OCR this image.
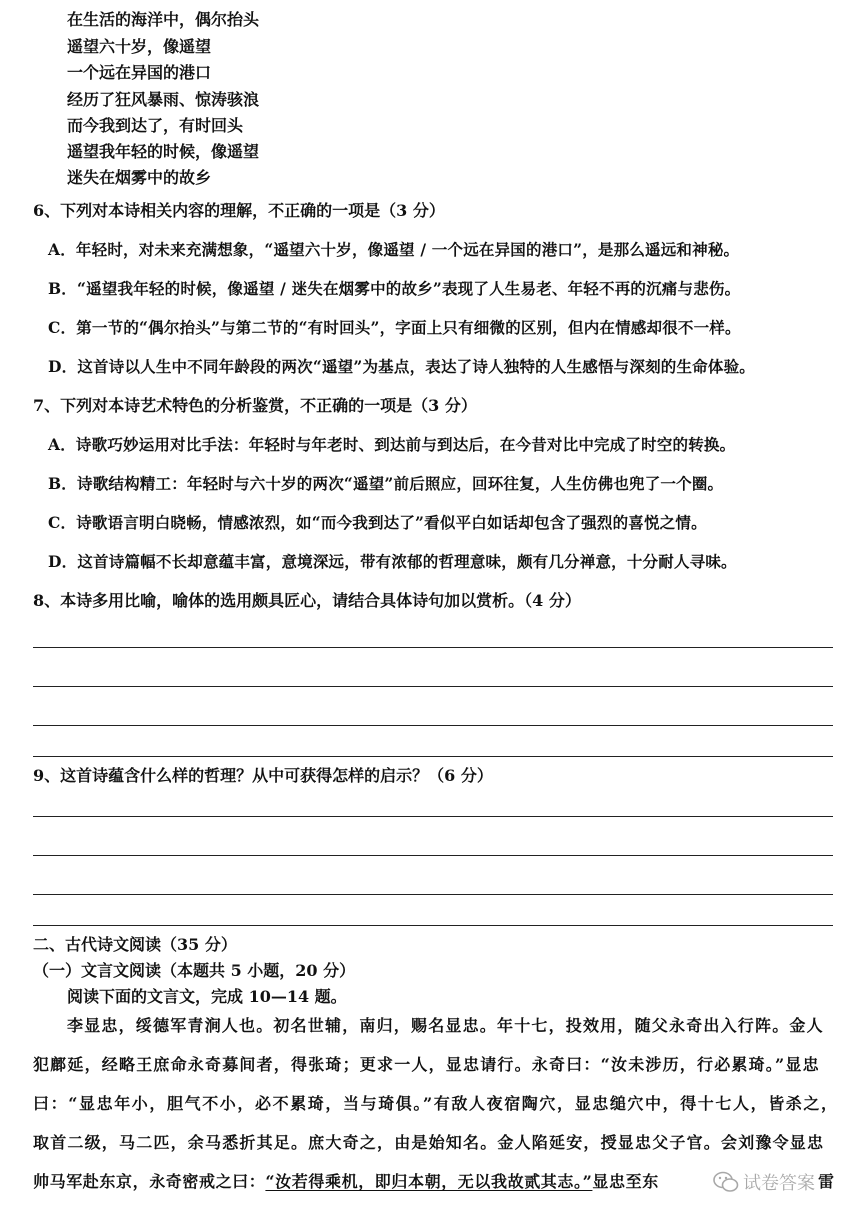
在生活的海洋中，偶尔抬头
遥望六十岁，像遥望
一个远在异国的港口
经历了狂风暴雨、惊涛骇浪
而今我到达了，有时回头
遥望我年轻的时候，像遥望
迷失在烟雾中的故乡
6、下列对本诗相关内容的理解，不正确的一项是（3 分）
A．年轻时，对未来充满想象，“遥望六十岁，像遥望 / 一个远在异国的港口”，是那么遥远和神秘。
B．“遥望我年轻的时候，像遥望 / 迷失在烟雾中的故乡”表现了人生易老、年轻不再的沉痛与悲伤。
C．第一节的“偶尔抬头”与第二节的“有时回头”，字面上只有细微的区别，但内在情感却很不一样。
D．这首诗以人生中不同年龄段的两次“遥望”为基点，表达了诗人独特的人生感悟与深刻的生命体验。
7、下列对本诗艺术特色的分析鉴赏，不正确的一项是（3 分）
A．诗歌巧妙运用对比手法：年轻时与年老时、到达前与到达后，在今昔对比中完成了时空的转换。
B．诗歌结构精工：年轻时与六十岁的两次“遥望”前后照应，回环往复，人生仿佛也兜了一个圈。
C．诗歌语言明白晓畅，情感浓烈，如“而今我到达了”看似平白如话却包含了强烈的喜悦之情。
D．这首诗篇幅不长却意蕴丰富，意境深远，带有浓郁的哲理意味，颇有几分禅意，十分耐人寻味。
8、本诗多用比喻，喻体的选用颇具匠心，请结合具体诗句加以赏析。（4 分）
9、这首诗蕴含什么样的哲理？从中可获得怎样的启示？（6 分）
二、古代诗文阅读（35 分）
（一）文言文阅读（本题共 5 小题，20 分）
阅读下面的文言文，完成 10—14 题。
李显忠，绥德军青涧人也。初名世辅，南归，赐名显忠。年十七，投效用，随父永奇出入行阵。金人
犯鄜延，经略王庶命永奇募间者，得张琦；更求一人，显忠请行。永奇曰：“汝未涉历，行必累琦。”显忠
曰：“显忠年小，胆气不小，必不累琦，当与琦俱。”有敌人夜宿陶穴，显忠缒穴中，得十七人，皆杀之，
取首二级，马二匹，余马悉折其足。庶大奇之，由是始知名。金人陷延安，授显忠父子官。会刘豫令显忠
帅马军赴东京，永奇密戒之曰：“汝若得乘机，即归本朝，无以我故贰其志。”显忠至东	雷
试卷答案
